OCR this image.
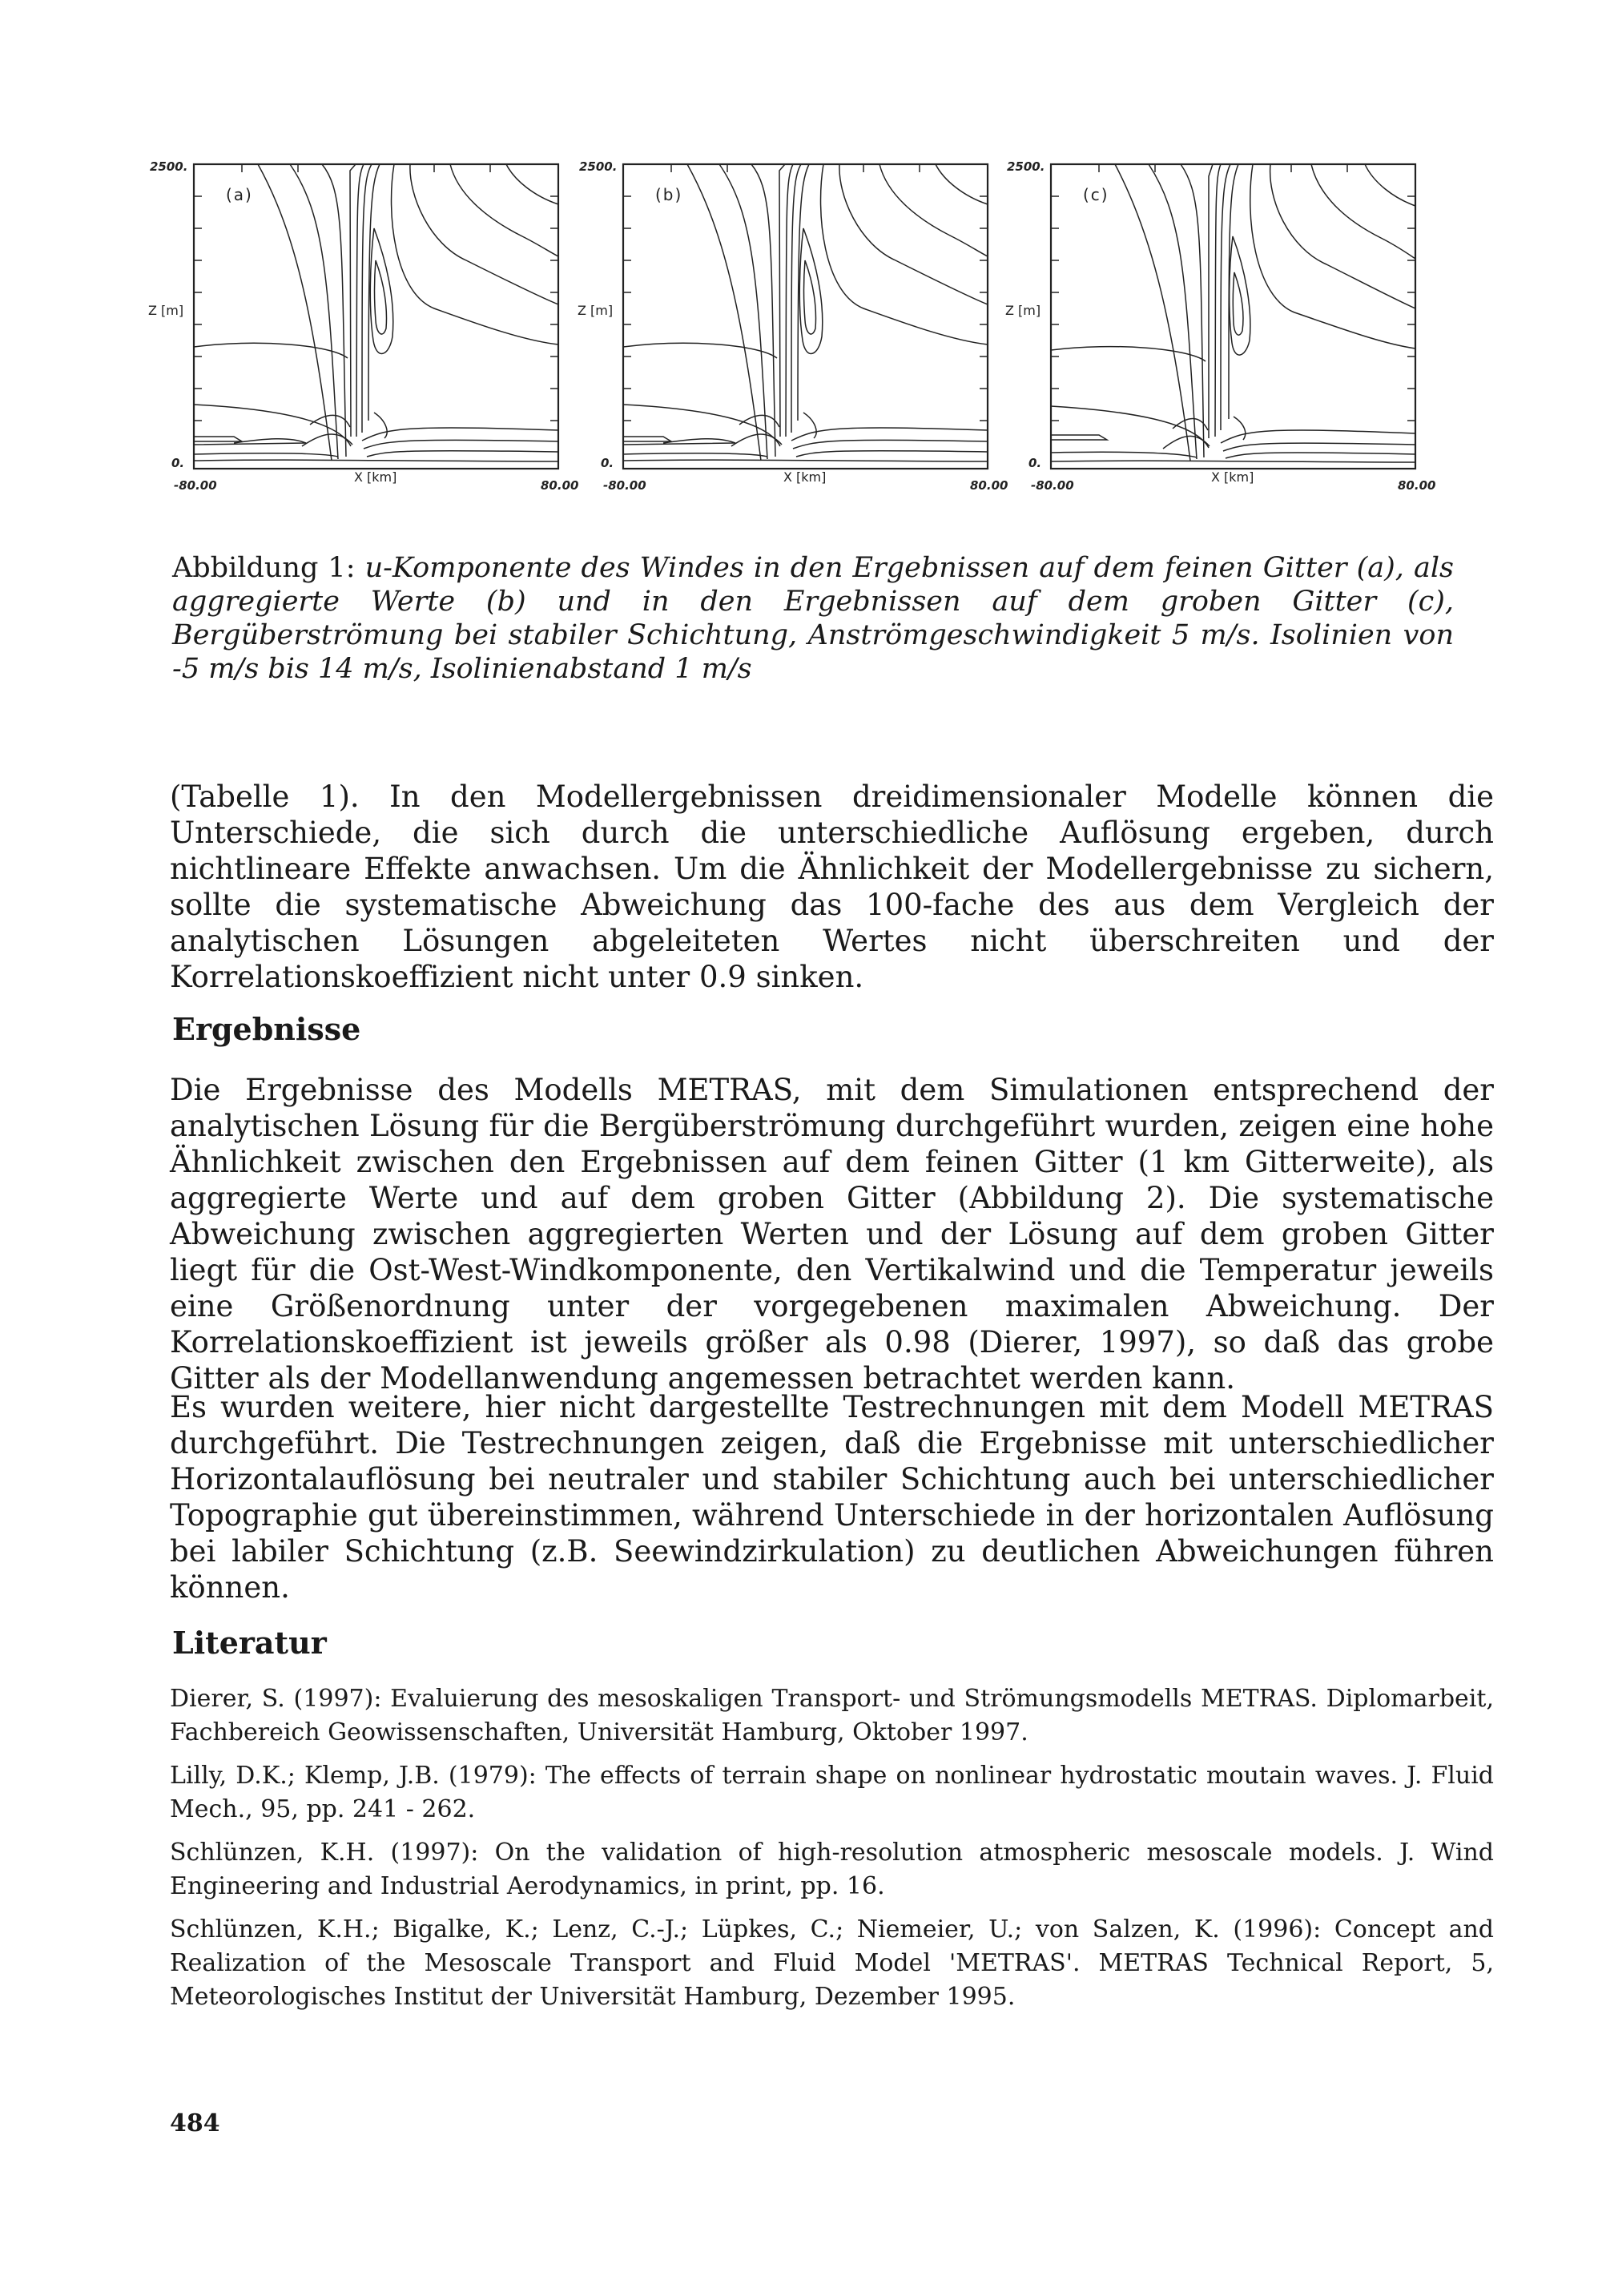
2500.
Z [m]
0.
-80.00
X [km]
80.00
(a)
2500.
Z [m]
0.
-80.00
X [km]
80.00
(b)
2500.
Z [m]
0.
-80.00
X [km]
80.00
(c)
Abbildung 1: u-Komponente des Windes in den Ergebnissen auf dem feinen Gitter (a), als aggregierte Werte (b) und in den Ergebnissen auf dem groben Gitter (c), Bergüberströmung bei stabiler Schichtung, Anströmgeschwindigkeit 5 m/s. Isolinien von -5 m/s bis 14 m/s, Isolinienabstand 1 m/s
(Tabelle 1). In den Modellergebnissen dreidimensionaler Modelle können die Unterschiede, die sich durch die unterschiedliche Auflösung ergeben, durch nichtlineare Effekte anwachsen. Um die Ähnlichkeit der Modellergebnisse zu sichern, sollte die systematische Abweichung das 100-fache des aus dem Vergleich der analytischen Lösungen abgeleiteten Wertes nicht überschreiten und der Korrelationskoeffizient nicht unter 0.9 sinken.
Ergebnisse
Die Ergebnisse des Modells METRAS, mit dem Simulationen entsprechend der analytischen Lösung für die Bergüberströmung durchgeführt wurden, zeigen eine hohe Ähnlichkeit zwischen den Ergebnissen auf dem feinen Gitter (1 km Gitterweite), als aggregierte Werte und auf dem groben Gitter (Abbildung 2). Die systematische Abweichung zwischen aggregierten Werten und der Lösung auf dem groben Gitter liegt für die Ost-West-Windkomponente, den Vertikalwind und die Temperatur jeweils eine Größenordnung unter der vorgegebenen maximalen Abweichung. Der Korrelationskoeffizient ist jeweils größer als 0.98 (Dierer, 1997), so daß das grobe Gitter als der Modellanwendung angemessen betrachtet werden kann.
Es wurden weitere, hier nicht dargestellte Testrechnungen mit dem Modell METRAS durchgeführt. Die Testrechnungen zeigen, daß die Ergebnisse mit unterschiedlicher Horizontalauflösung bei neutraler und stabiler Schichtung auch bei unterschiedlicher Topographie gut übereinstimmen, während Unterschiede in der horizontalen Auflösung bei labiler Schichtung (z.B. Seewindzirkulation) zu deutlichen Abweichungen führen können.
Literatur
Dierer, S. (1997): Evaluierung des mesoskaligen Transport- und Strömungsmodells METRAS. Diplomarbeit, Fachbereich Geowissenschaften, Universität Hamburg, Oktober 1997.
Lilly, D.K.; Klemp, J.B. (1979): The effects of terrain shape on nonlinear hydrostatic moutain waves. J. Fluid Mech., 95, pp. 241 - 262.
Schlünzen, K.H. (1997): On the validation of high-resolution atmospheric mesoscale models. J. Wind Engineering and Industrial Aerodynamics, in print, pp. 16.
Schlünzen, K.H.; Bigalke, K.; Lenz, C.-J.; Lüpkes, C.; Niemeier, U.; von Salzen, K. (1996): Concept and Realization of the Mesoscale Transport and Fluid Model 'METRAS'. METRAS Technical Report, 5, Meteorologisches Institut der Universität Hamburg, Dezember 1995.
484
